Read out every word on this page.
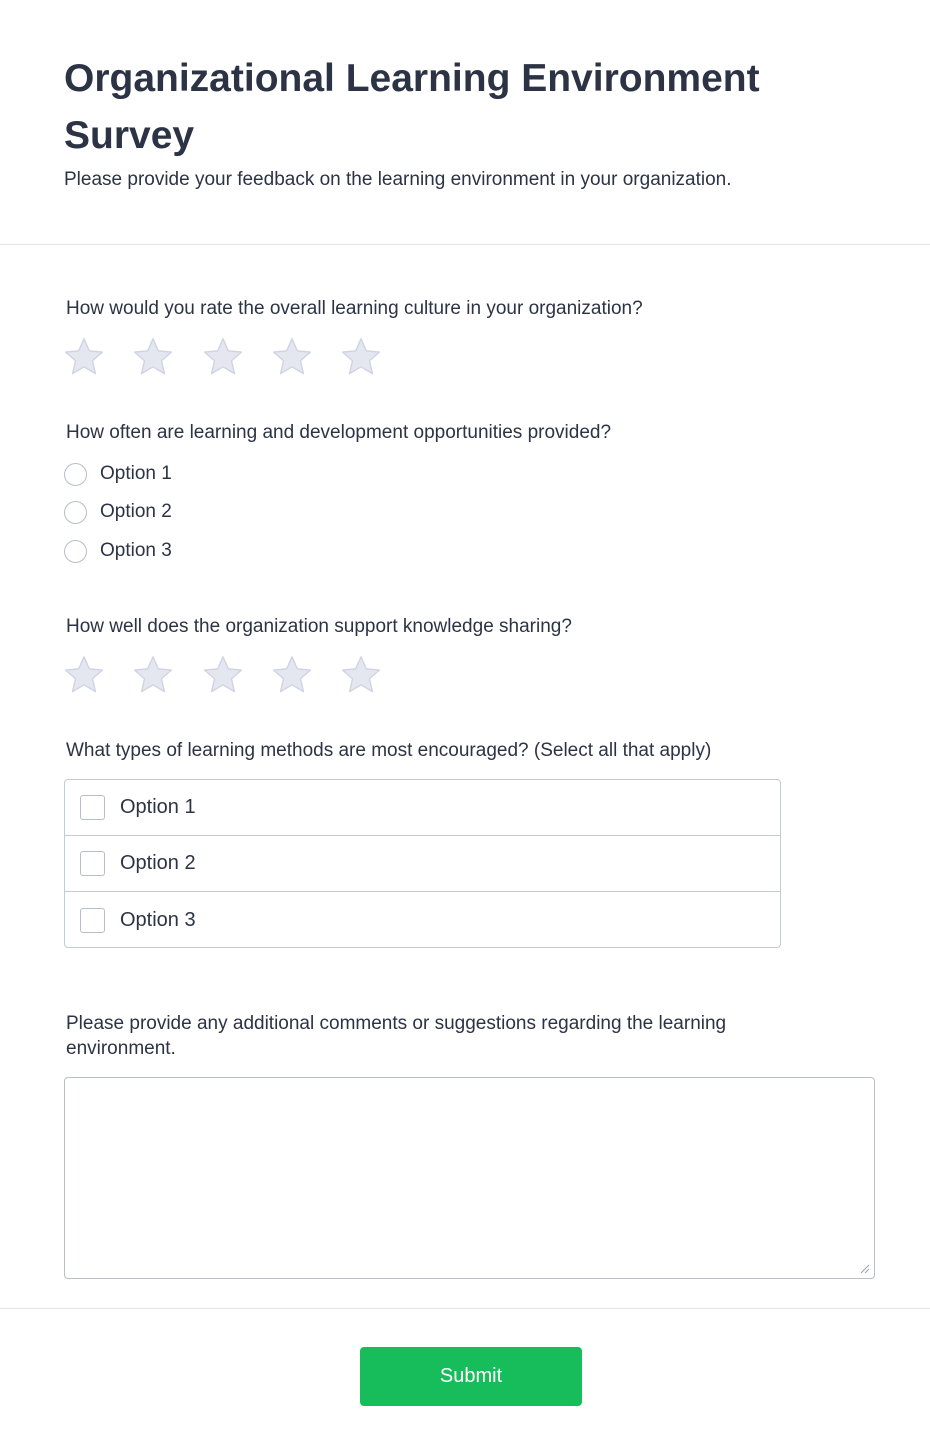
Organizational Learning Environment Survey

Please provide your feedback on the learning environment in your organization.

How would you rate the overall learning culture in your organization?

How often are learning and development opportunities provided?

Option 1
Option 2
Option 3

How well does the organization support knowledge sharing?

What types of learning methods are most encouraged? (Select all that apply)

Option 1
Option 2
Option 3

Please provide any additional comments or suggestions regarding the learning environment.

Submit
